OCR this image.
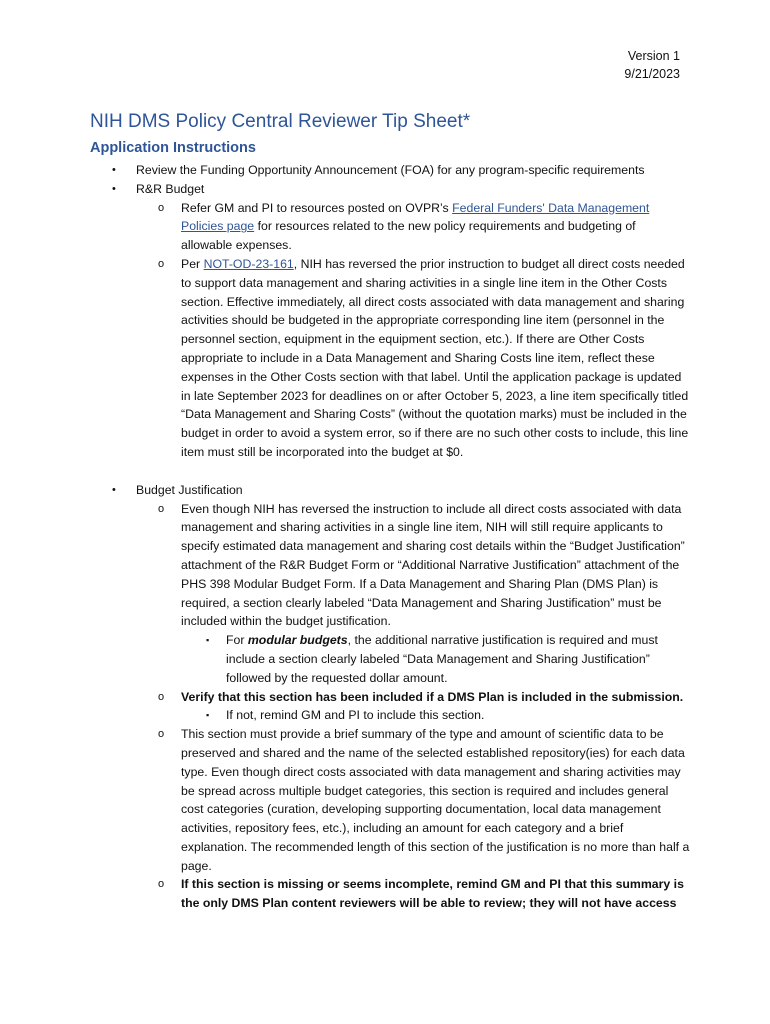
Version 1
9/21/2023
NIH DMS Policy Central Reviewer Tip Sheet*
Application Instructions
• Review the Funding Opportunity Announcement (FOA) for any program-specific requirements
• R&R Budget
o Refer GM and PI to resources posted on OVPR’s Federal Funders' Data Management Policies page for resources related to the new policy requirements and budgeting of allowable expenses.
o Per NOT-OD-23-161, NIH has reversed the prior instruction to budget all direct costs needed to support data management and sharing activities in a single line item in the Other Costs section. Effective immediately, all direct costs associated with data management and sharing activities should be budgeted in the appropriate corresponding line item (personnel in the personnel section, equipment in the equipment section, etc.). If there are Other Costs appropriate to include in a Data Management and Sharing Costs line item, reflect these expenses in the Other Costs section with that label. Until the application package is updated in late September 2023 for deadlines on or after October 5, 2023, a line item specifically titled “Data Management and Sharing Costs” (without the quotation marks) must be included in the budget in order to avoid a system error, so if there are no such other costs to include, this line item must still be incorporated into the budget at $0.
• Budget Justification
o Even though NIH has reversed the instruction to include all direct costs associated with data management and sharing activities in a single line item, NIH will still require applicants to specify estimated data management and sharing cost details within the “Budget Justification” attachment of the R&R Budget Form or “Additional Narrative Justification” attachment of the PHS 398 Modular Budget Form. If a Data Management and Sharing Plan (DMS Plan) is required, a section clearly labeled “Data Management and Sharing Justification” must be included within the budget justification.
▪ For modular budgets, the additional narrative justification is required and must include a section clearly labeled “Data Management and Sharing Justification” followed by the requested dollar amount.
o Verify that this section has been included if a DMS Plan is included in the submission.
▪ If not, remind GM and PI to include this section.
o This section must provide a brief summary of the type and amount of scientific data to be preserved and shared and the name of the selected established repository(ies) for each data type. Even though direct costs associated with data management and sharing activities may be spread across multiple budget categories, this section is required and includes general cost categories (curation, developing supporting documentation, local data management activities, repository fees, etc.), including an amount for each category and a brief explanation. The recommended length of this section of the justification is no more than half a page.
o If this section is missing or seems incomplete, remind GM and PI that this summary is the only DMS Plan content reviewers will be able to review; they will not have access
